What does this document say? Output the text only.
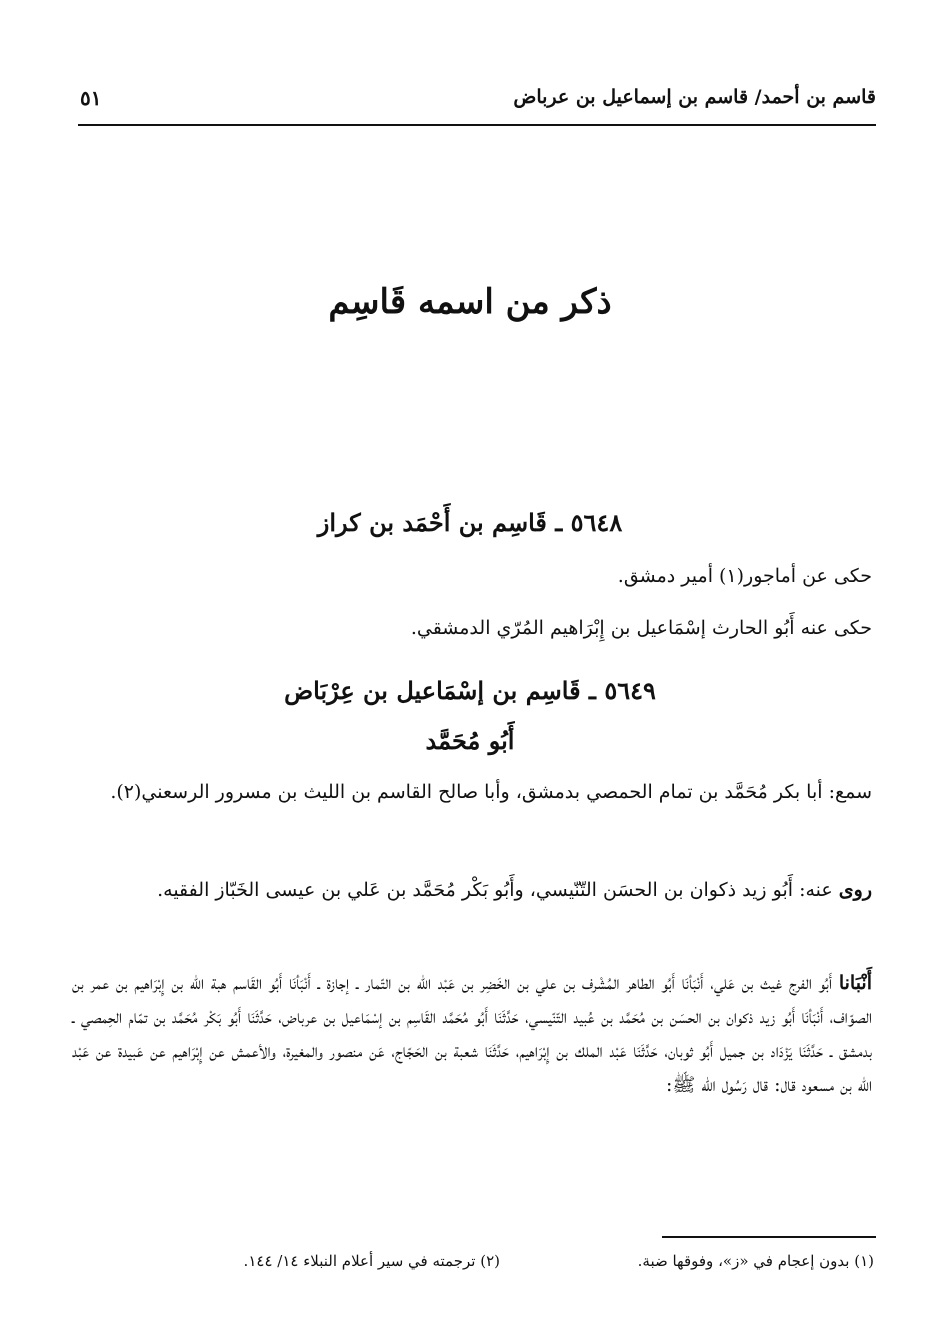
قاسم بن أحمد/ قاسم بن إسماعيل بن عرباض
٥١
ذكر من اسمه قَاسِم
٥٦٤٨ ـ قَاسِم بن أَحْمَد بن كراز
حكى عن أماجور(١) أمير دمشق.
حكى عنه أَبُو الحارث إسْمَاعيل بن إِبْرَاهيم المُرّي الدمشقي.
٥٦٤٩ ـ قَاسِم بن إسْمَاعيل بن عِرْبَاض
أَبُو مُحَمَّد
سمع: أبا بكر مُحَمَّد بن تمام الحمصي بدمشق، وأبا صالح القاسم بن الليث بن مسرور الرسعني(٢).
روى عنه: أَبُو زيد ذكوان بن الحسَن التّنّيسي، وأَبُو بَكْر مُحَمَّد بن عَلي بن عيسى الخَبّاز الفقيه.
أَنْبَانا أَبُو الفرج غيث بن عَلي، أَنْبَأنَا أَبُو الطاهر المُشْرف بن علي بن الخَضِر بن عَبْد اللّه بن التّمار ـ إجازة ـ أَنْبَأنَا أَبُو القَاسم هبة اللّه بن إِبْرَاهيم بن عمر بن الصوّاف، أَنْبَأنَا أَبُو زيد ذكوان بن الحسَن بن مُحَمَّد بن عُبيد التّنّيسي، حَدَّثَنَا أَبُو مُحَمَّد القَاسِم بن إسْمَاعيل بن عرباض، حَدَّثَنَا أَبُو بَكْر مُحَمَّد بن تمّام الحِمصي ـ بدمشق ـ حَدَّثَنَا يَزْدَاد بن جميل أَبُو ثوبان، حَدَّثَنَا عَبْد الملك بن إِبْرَاهيم، حَدَّثَنَا شعبة بن الحَجّاج، عَن منصور والمغيرة، والأعمش عن إِبْرَاهيم عن عَبيدة عن عَبْد اللّه بن مسعود قال: قال رَسُول اللّه ﷺ:
(١) بدون إعجام في «ز»، وفوقها ضبة.
(٢) ترجمته في سير أعلام النبلاء ١٤/ ١٤٤.
